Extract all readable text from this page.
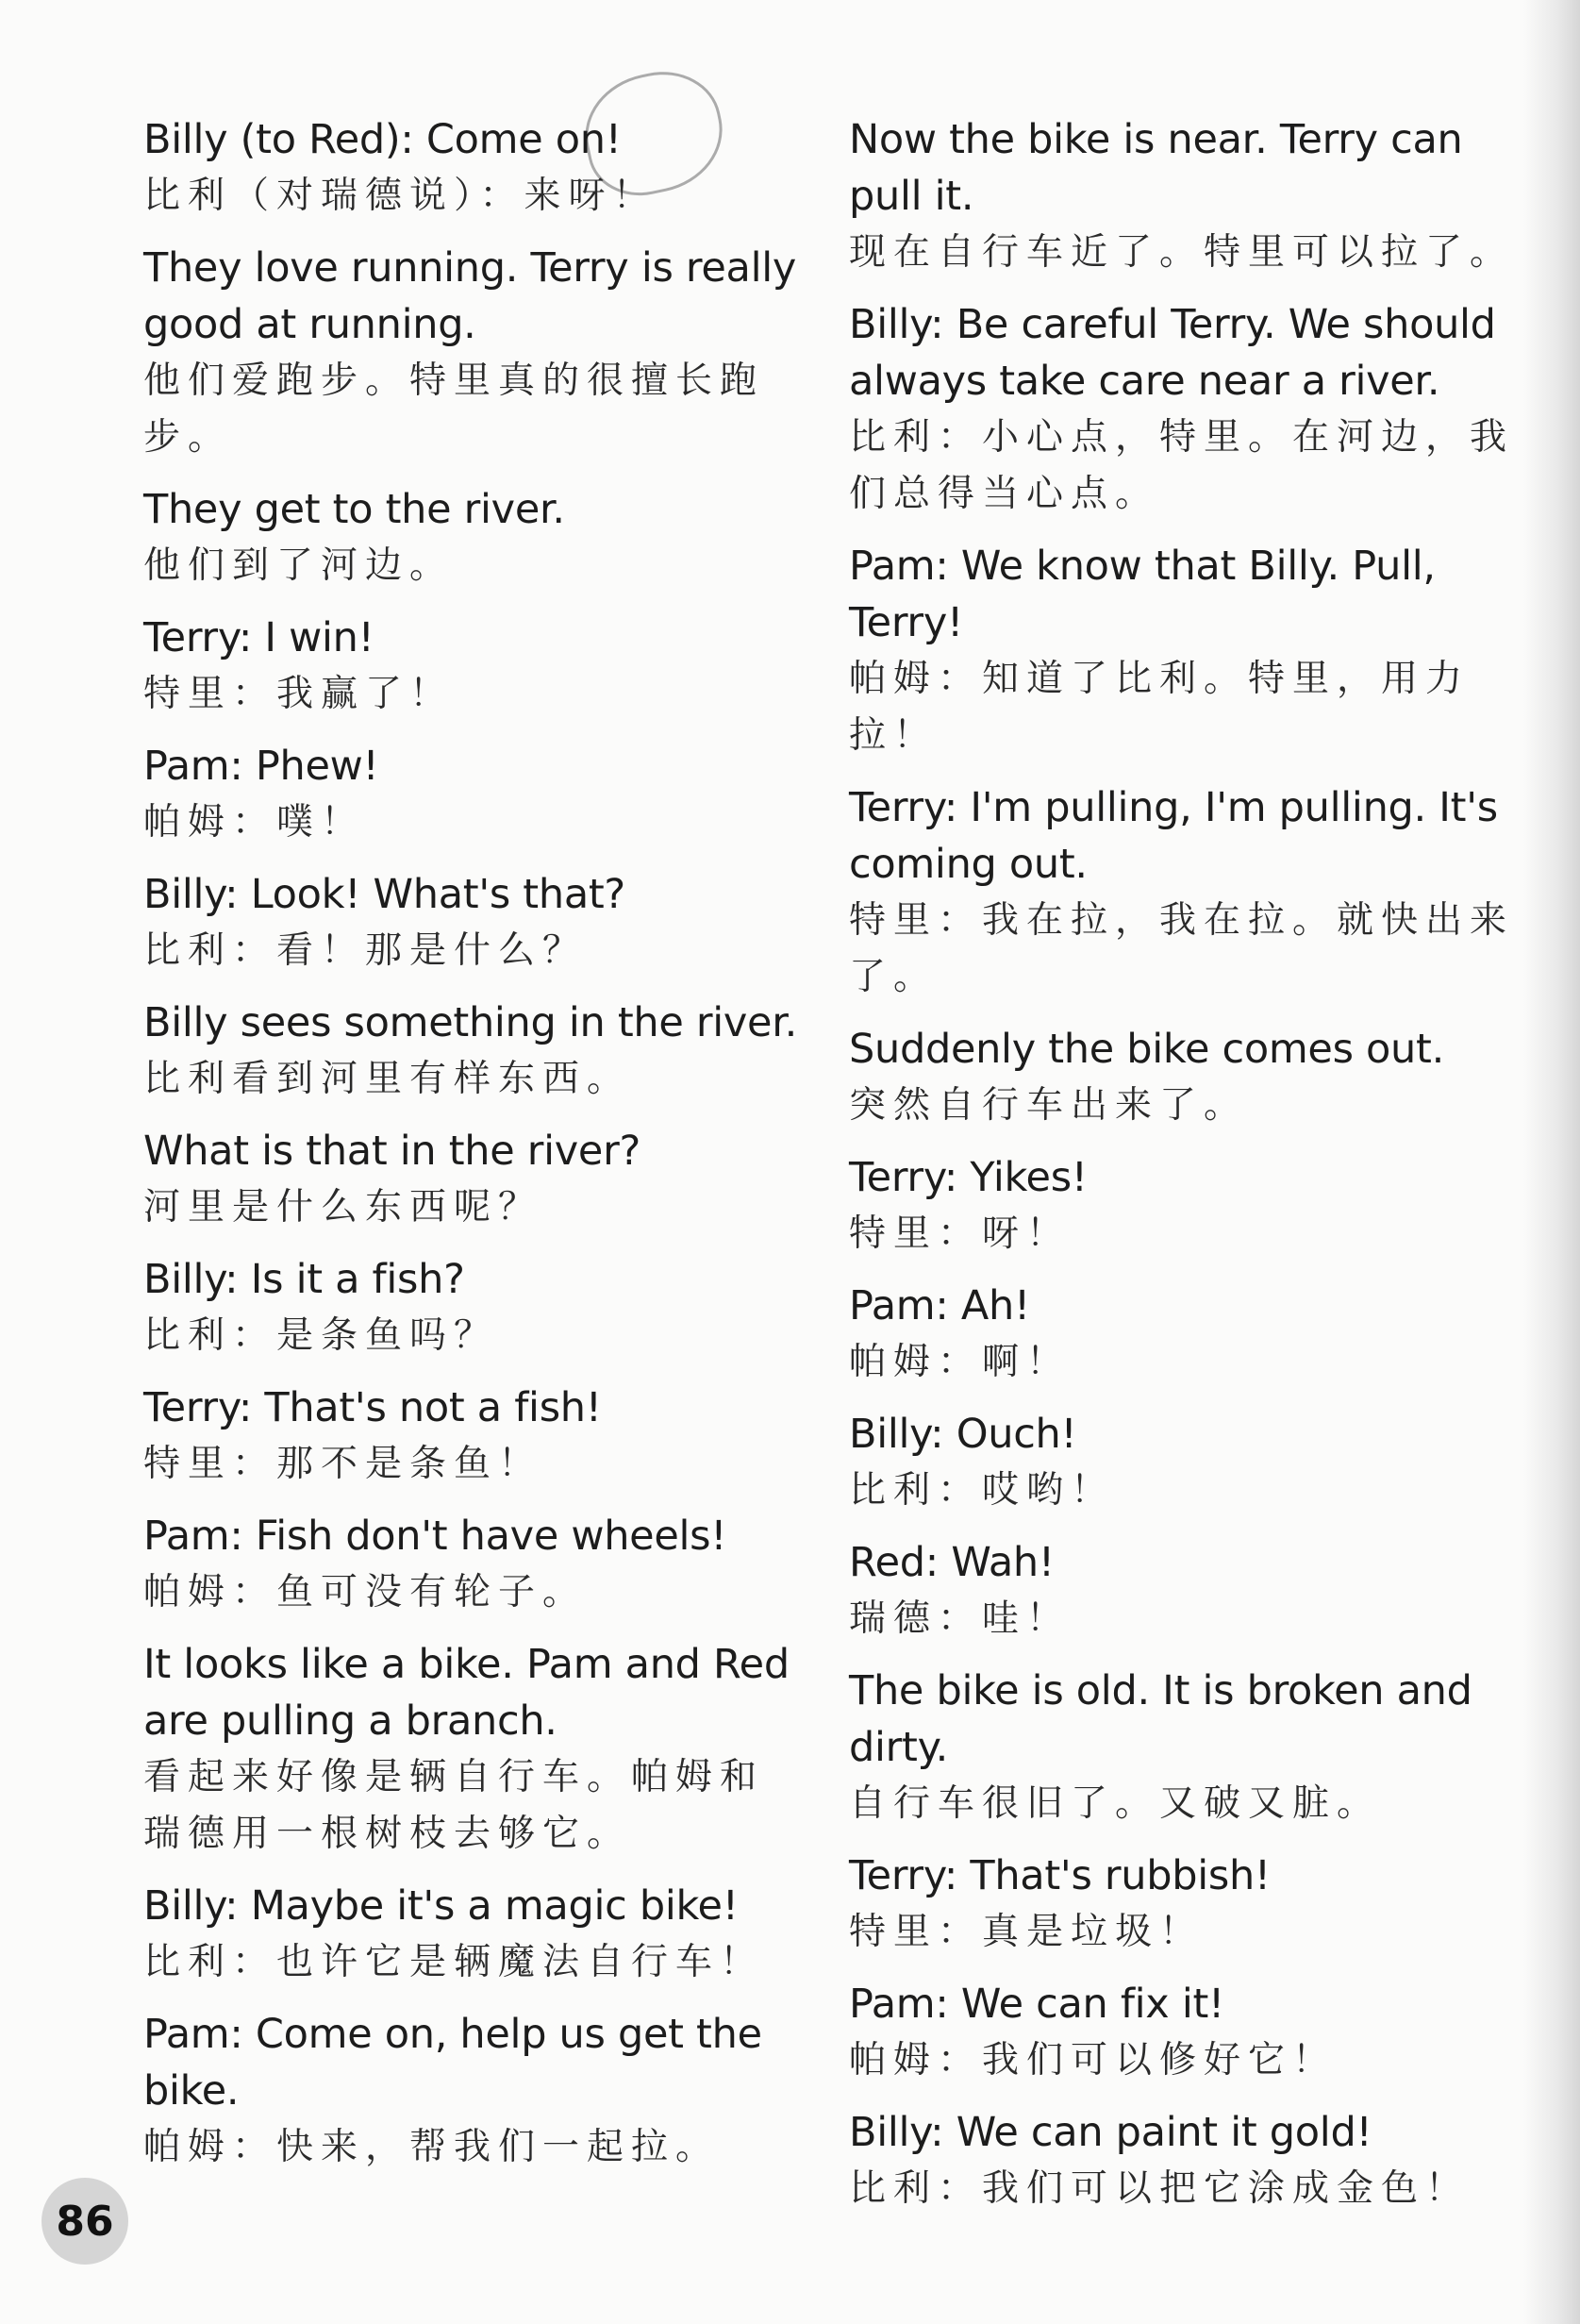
Billy (to Red): Come on!
比利（对瑞德说）：来呀！
They love running. Terry is really good at running.
他们爱跑步。特里真的很擅长跑步。
They get to the river.
他们到了河边。
Terry: I win!
特里：我赢了！
Pam: Phew!
帕姆：噗！
Billy: Look! What's that?
比利：看！那是什么？
Billy sees something in the river.
比利看到河里有样东西。
What is that in the river?
河里是什么东西呢？
Billy: Is it a fish?
比利：是条鱼吗？
Terry: That's not a fish!
特里：那不是条鱼！
Pam: Fish don't have wheels!
帕姆：鱼可没有轮子。
It looks like a bike. Pam and Red are pulling a branch.
看起来好像是辆自行车。帕姆和瑞德用一根树枝去够它。
Billy: Maybe it's a magic bike!
比利：也许它是辆魔法自行车！
Pam: Come on, help us get the bike.
帕姆：快来，帮我们一起拉。
Now the bike is near. Terry can pull it.
现在自行车近了。特里可以拉了。
Billy: Be careful Terry. We should always take care near a river.
比利：小心点，特里。在河边，我们总得当心点。
Pam: We know that Billy. Pull, Terry!
帕姆：知道了比利。特里，用力拉！
Terry: I'm pulling, I'm pulling. It's coming out.
特里：我在拉，我在拉。就快出来了。
Suddenly the bike comes out.
突然自行车出来了。
Terry: Yikes!
特里：呀！
Pam: Ah!
帕姆：啊！
Billy: Ouch!
比利：哎哟！
Red: Wah!
瑞德：哇！
The bike is old. It is broken and dirty.
自行车很旧了。又破又脏。
Terry: That's rubbish!
特里：真是垃圾！
Pam: We can fix it!
帕姆：我们可以修好它！
Billy: We can paint it gold!
比利：我们可以把它涂成金色！
86
